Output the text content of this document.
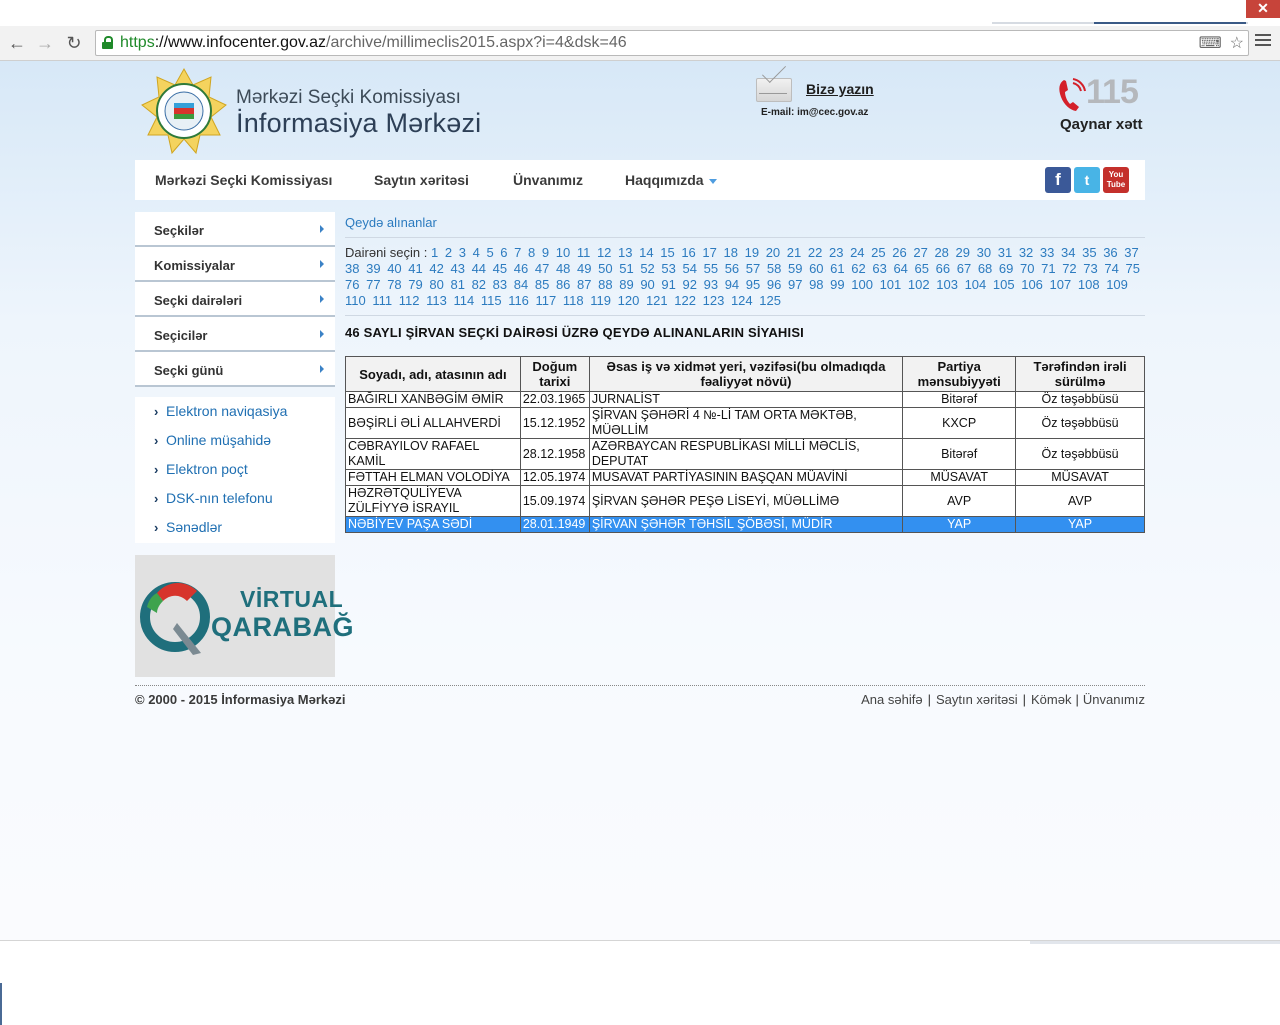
✕
← → ↻ https://www.infocenter.gov.az/archive/millimeclis2015.aspx?i=4&dsk=46	⌨ ☆
Mərkəzi Seçki Komissiyası
İnformasiya Mərkəzi
Bizə yazın
E-mail: im@cec.gov.az
115
Qaynar xətt
Mərkəzi Seçki Komissiyası	Saytın xəritəsi	Ünvanımız	Haqqımızda	f	t	You Tube
Seçkilər
Komissiyalar
Seçki dairələri
Seçicilər
Seçki günü
› Elektron naviqasiya
› Online müşahidə
› Elektron poçt
› DSK-nın telefonu
› Sənədlər
VİRTUAL
QARABAĞ
Qeydə alınanlar
Dairəni seçin : 1 2 3 4 5 6 7 8 9 10 11 12 13 14 15 16 17 18 19 20 21 22 23 24 25 26 27 28 29 30 31 32 33 34 35 36 37 38 39 40 41 42 43 44 45 46 47 48 49 50 51 52 53 54 55 56 57 58 59 60 61 62 63 64 65 66 67 68 69 70 71 72 73 74 75 76 77 78 79 80 81 82 83 84 85 86 87 88 89 90 91 92 93 94 95 96 97 98 99 100 101 102 103 104 105 106 107 108 109 110 111 112 113 114 115 116 117 118 119 120 121 122 123 124 125
46 SAYLI ŞİRVAN SEÇKİ DAİRƏSİ ÜZRƏ QEYDƏ ALINANLARIN SİYAHISI
Soyadı, adı, atasının adı	Doğum tarixi	Əsas iş və xidmət yeri, vəzifəsi(bu olmadıqda fəaliyyət növü)	Partiya mənsubiyyəti	Tərəfindən irəli sürülmə
BAĞIRLI XANBƏGİM ƏMİR	22.03.1965	JURNALİST	Bitərəf	Öz təşəbbüsü
BƏŞİRLİ ƏLİ ALLAHVERDİ	15.12.1952	ŞİRVAN ŞƏHƏRİ 4 №-Lİ TAM ORTA MƏKTƏB, MÜƏLLİM	KXCP	Öz təşəbbüsü
CƏBRAYILOV RAFAEL KAMİL	28.12.1958	AZƏRBAYCAN RESPUBLİKASI MİLLİ MƏCLİS, DEPUTAT	Bitərəf	Öz təşəbbüsü
FƏTTAH ELMAN VOLODİYA	12.05.1974	MUSAVAT PARTİYASININ BAŞQAN MÜAVİNİ	MÜSAVAT	MÜSAVAT
HƏZRƏTQULİYEVA ZÜLFİYYƏ İSRAYIL	15.09.1974	ŞİRVAN ŞƏHƏR PEŞƏ LİSEYİ, MÜƏLLİMƏ	AVP	AVP
NƏBİYEV PAŞA SƏDİ	28.01.1949	ŞİRVAN ŞƏHƏR TƏHSİL ŞÖBƏSİ, MÜDİR	YAP	YAP
© 2000 - 2015 İnformasiya Mərkəzi	Ana səhifə | Saytın xəritəsi | Kömək | Ünvanımız
